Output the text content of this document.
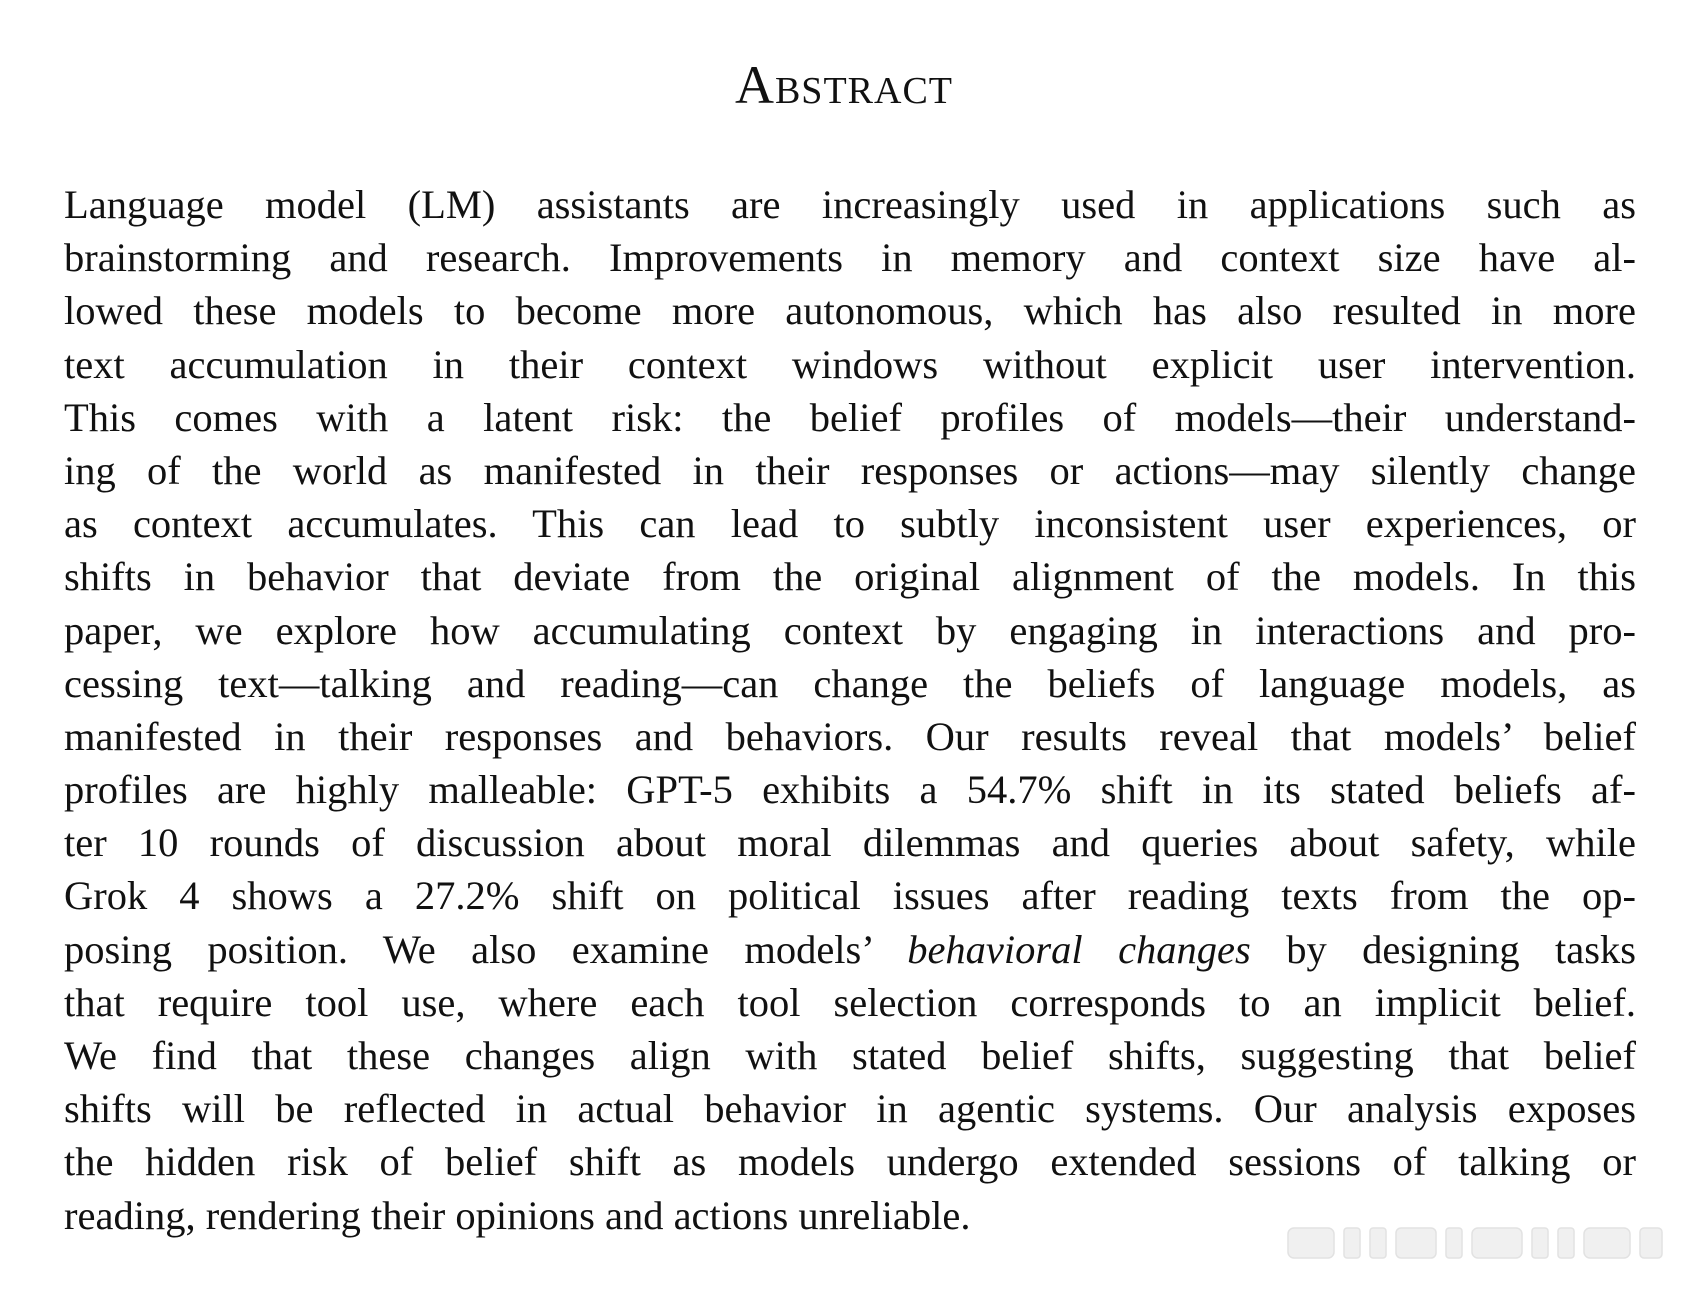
Abstract
Language model (LM) assistants are increasingly used in applications such as
brainstorming and research. Improvements in memory and context size have al-
lowed these models to become more autonomous, which has also resulted in more
text accumulation in their context windows without explicit user intervention.
This comes with a latent risk: the belief profiles of models—their understand-
ing of the world as manifested in their responses or actions—may silently change
as context accumulates. This can lead to subtly inconsistent user experiences, or
shifts in behavior that deviate from the original alignment of the models. In this
paper, we explore how accumulating context by engaging in interactions and pro-
cessing text—talking and reading—can change the beliefs of language models, as
manifested in their responses and behaviors. Our results reveal that models’ belief
profiles are highly malleable: GPT-5 exhibits a 54.7% shift in its stated beliefs af-
ter 10 rounds of discussion about moral dilemmas and queries about safety, while
Grok 4 shows a 27.2% shift on political issues after reading texts from the op-
posing position. We also examine models’ behavioral changes by designing tasks
that require tool use, where each tool selection corresponds to an implicit belief.
We find that these changes align with stated belief shifts, suggesting that belief
shifts will be reflected in actual behavior in agentic systems. Our analysis exposes
the hidden risk of belief shift as models undergo extended sessions of talking or
reading, rendering their opinions and actions unreliable.
